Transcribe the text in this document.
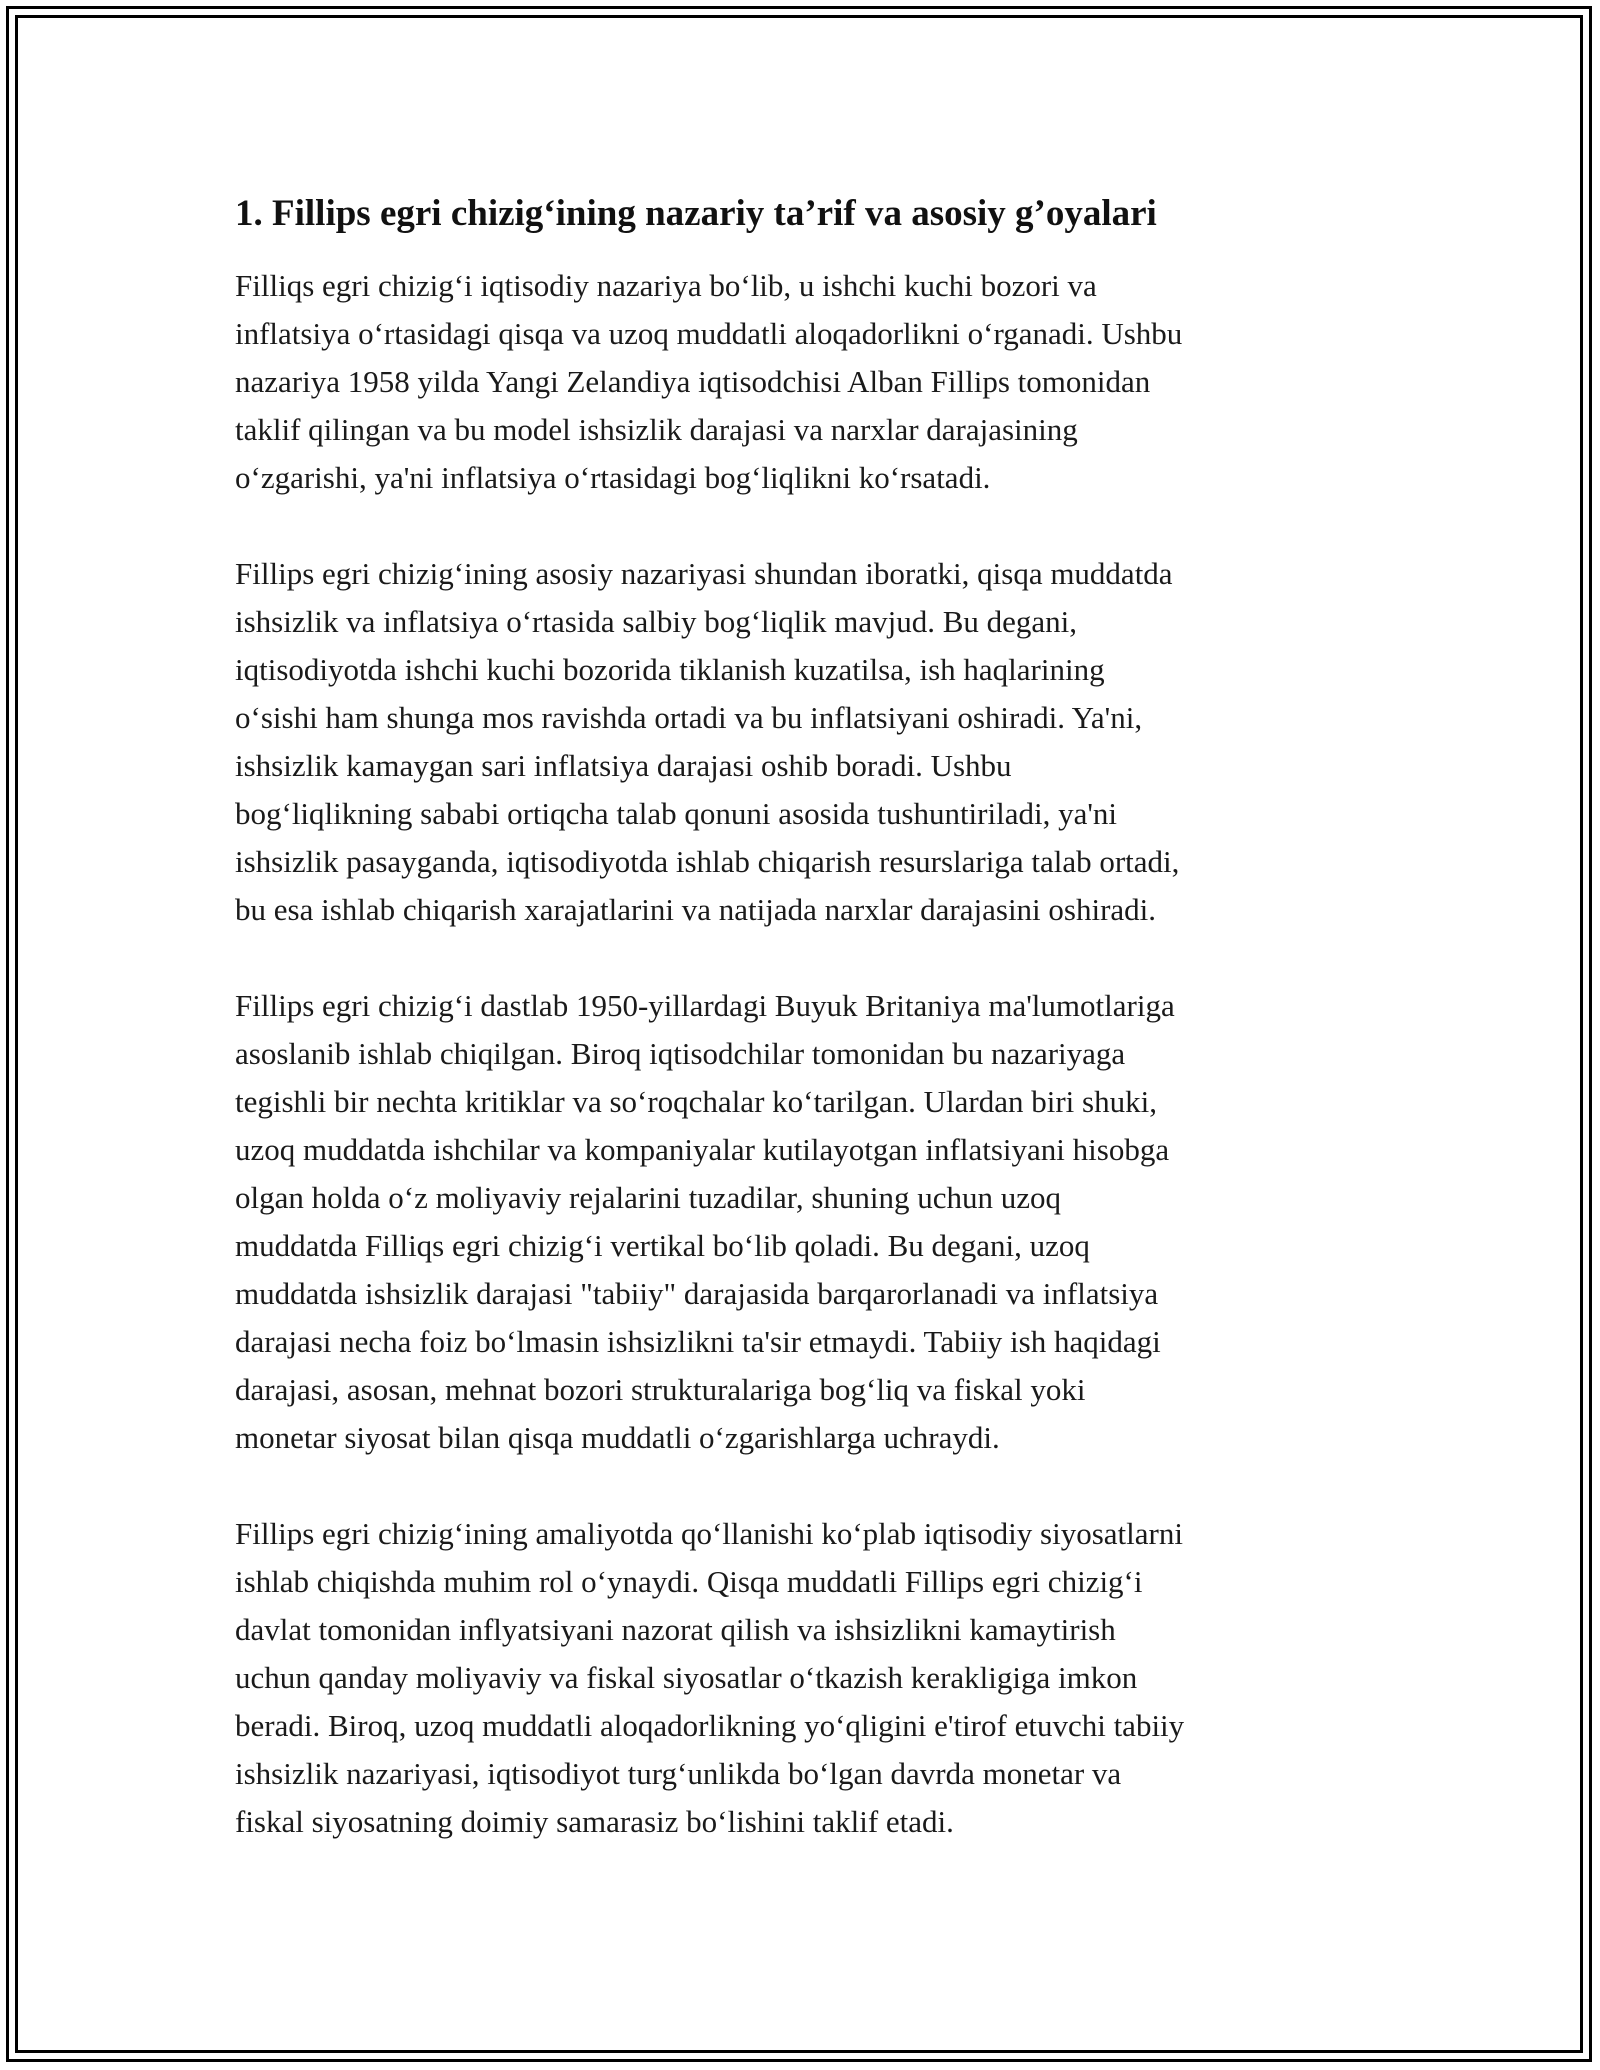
1. Fillips egri chizig‘ining nazariy ta’rif va asosiy g’oyalari

Filliqs egri chizig‘i iqtisodiy nazariya bo‘lib, u ishchi kuchi bozori va
inflatsiya o‘rtasidagi qisqa va uzoq muddatli aloqadorlikni o‘rganadi. Ushbu
nazariya 1958 yilda Yangi Zelandiya iqtisodchisi Alban Fillips tomonidan
taklif qilingan va bu model ishsizlik darajasi va narxlar darajasining
o‘zgarishi, ya'ni inflatsiya o‘rtasidagi bog‘liqlikni ko‘rsatadi.

Fillips egri chizig‘ining asosiy nazariyasi shundan iboratki, qisqa muddatda
ishsizlik va inflatsiya o‘rtasida salbiy bog‘liqlik mavjud. Bu degani,
iqtisodiyotda ishchi kuchi bozorida tiklanish kuzatilsa, ish haqlarining
o‘sishi ham shunga mos ravishda ortadi va bu inflatsiyani oshiradi. Ya'ni,
ishsizlik kamaygan sari inflatsiya darajasi oshib boradi. Ushbu
bog‘liqlikning sababi ortiqcha talab qonuni asosida tushuntiriladi, ya'ni
ishsizlik pasayganda, iqtisodiyotda ishlab chiqarish resurslariga talab ortadi,
bu esa ishlab chiqarish xarajatlarini va natijada narxlar darajasini oshiradi.

Fillips egri chizig‘i dastlab 1950-yillardagi Buyuk Britaniya ma'lumotlariga
asoslanib ishlab chiqilgan. Biroq iqtisodchilar tomonidan bu nazariyaga
tegishli bir nechta kritiklar va so‘roqchalar ko‘tarilgan. Ulardan biri shuki,
uzoq muddatda ishchilar va kompaniyalar kutilayotgan inflatsiyani hisobga
olgan holda o‘z moliyaviy rejalarini tuzadilar, shuning uchun uzoq
muddatda Filliqs egri chizig‘i vertikal bo‘lib qoladi. Bu degani, uzoq
muddatda ishsizlik darajasi "tabiiy" darajasida barqarorlanadi va inflatsiya
darajasi necha foiz bo‘lmasin ishsizlikni ta'sir etmaydi. Tabiiy ish haqidagi
darajasi, asosan, mehnat bozori strukturalariga bog‘liq va fiskal yoki
monetar siyosat bilan qisqa muddatli o‘zgarishlarga uchraydi.

Fillips egri chizig‘ining amaliyotda qo‘llanishi ko‘plab iqtisodiy siyosatlarni
ishlab chiqishda muhim rol o‘ynaydi. Qisqa muddatli Fillips egri chizig‘i
davlat tomonidan inflyatsiyani nazorat qilish va ishsizlikni kamaytirish
uchun qanday moliyaviy va fiskal siyosatlar o‘tkazish kerakligiga imkon
beradi. Biroq, uzoq muddatli aloqadorlikning yo‘qligini e'tirof etuvchi tabiiy
ishsizlik nazariyasi, iqtisodiyot turg‘unlikda bo‘lgan davrda monetar va
fiskal siyosatning doimiy samarasiz bo‘lishini taklif etadi.
